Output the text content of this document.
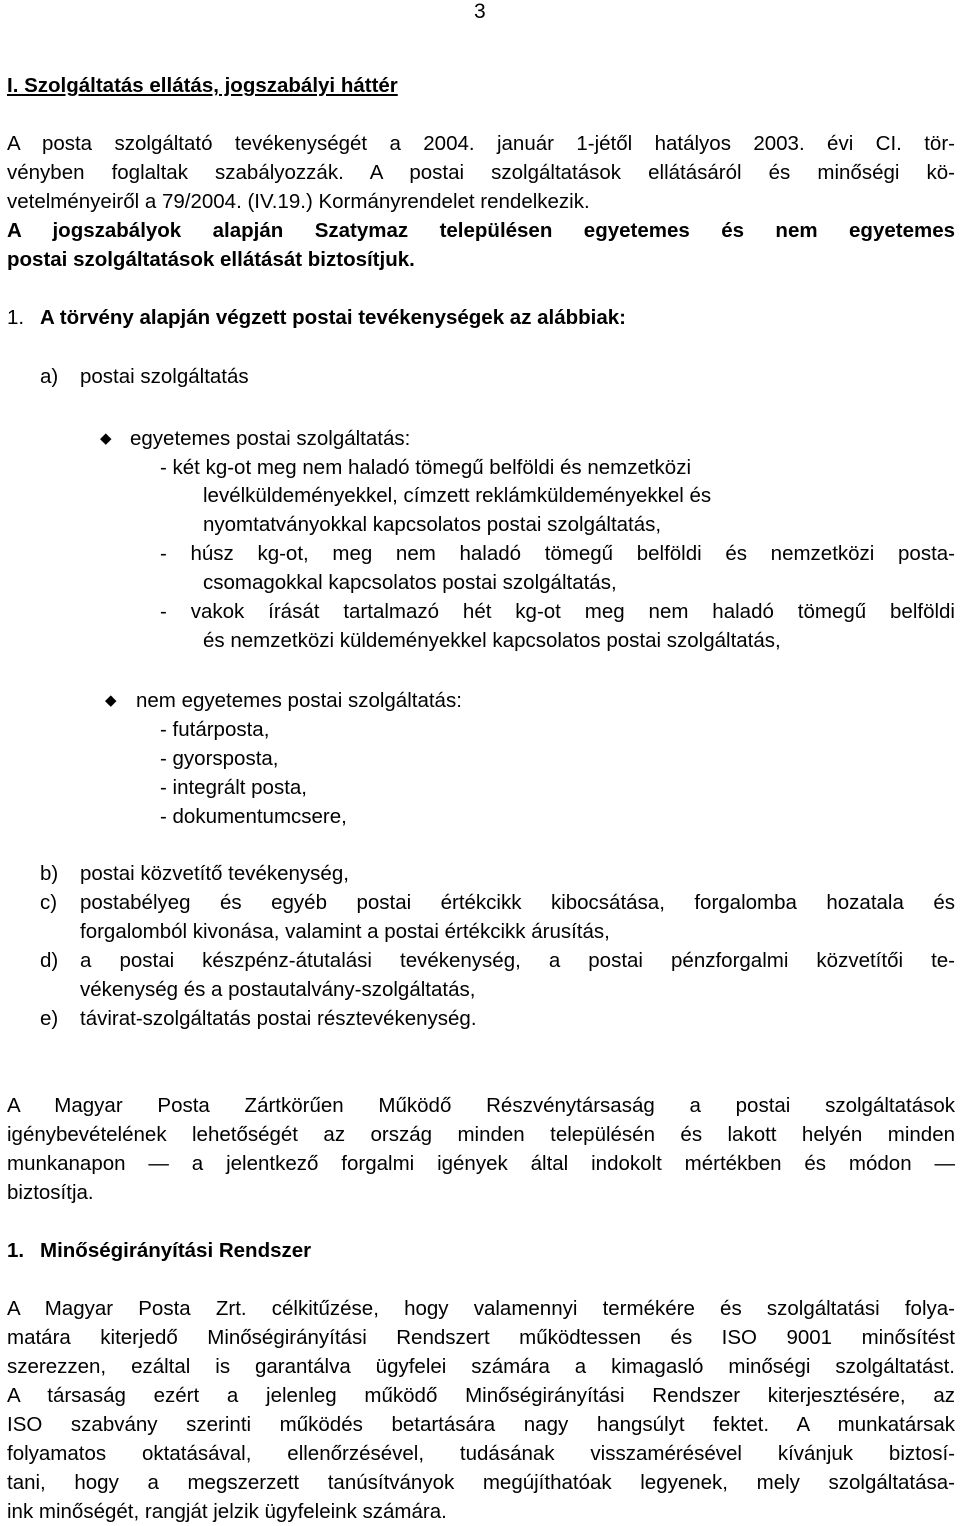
3
I. Szolgáltatás ellátás, jogszabályi háttér
A posta szolgáltató tevékenységét a 2004. január 1-jétől hatályos 2003. évi CI. tör-
vényben foglaltak szabályozzák. A postai szolgáltatások ellátásáról és minőségi kö-
vetelményeiről a 79/2004. (IV.19.) Kormányrendelet rendelkezik.
A jogszabályok alapján Szatymaz településen egyetemes és nem egyetemes
postai szolgáltatások ellátását biztosítjuk.
1. A törvény alapján végzett postai tevékenységek az alábbiak:
a) postai szolgáltatás
◆ egyetemes postai szolgáltatás:
- két kg-ot meg nem haladó tömegű belföldi és nemzetközi
levélküldeményekkel, címzett reklámküldeményekkel és
nyomtatványokkal kapcsolatos postai szolgáltatás,
- húsz kg-ot, meg nem haladó tömegű belföldi és nemzetközi posta-
csomagokkal kapcsolatos postai szolgáltatás,
- vakok írását tartalmazó hét kg-ot meg nem haladó tömegű belföldi
és nemzetközi küldeményekkel kapcsolatos postai szolgáltatás,
◆ nem egyetemes postai szolgáltatás:
- futárposta,
- gyorsposta,
- integrált posta,
- dokumentumcsere,
b) postai közvetítő tevékenység,
c) postabélyeg és egyéb postai értékcikk kibocsátása, forgalomba hozatala és
forgalomból kivonása, valamint a postai értékcikk árusítás,
d) a postai készpénz-átutalási tevékenység, a postai pénzforgalmi közvetítői te-
vékenység és a postautalvány-szolgáltatás,
e) távirat-szolgáltatás postai résztevékenység.
A Magyar Posta Zártkörűen Működő Részvénytársaság a postai szolgáltatások
igénybevételének lehetőségét az ország minden településén és lakott helyén minden
munkanapon — a jelentkező forgalmi igények által indokolt mértékben és módon —
biztosítja.
1. Minőségirányítási Rendszer
A Magyar Posta Zrt. célkitűzése, hogy valamennyi termékére és szolgáltatási folya-
matára kiterjedő Minőségirányítási Rendszert működtessen és ISO 9001 minősítést
szerezzen, ezáltal is garantálva ügyfelei számára a kimagasló minőségi szolgáltatást.
A társaság ezért a jelenleg működő Minőségirányítási Rendszer kiterjesztésére, az
ISO szabvány szerinti működés betartására nagy hangsúlyt fektet. A munkatársak
folyamatos oktatásával, ellenőrzésével, tudásának visszamérésével kívánjuk biztosí-
tani, hogy a megszerzett tanúsítványok megújíthatóak legyenek, mely szolgáltatása-
ink minőségét, rangját jelzik ügyfeleink számára.
